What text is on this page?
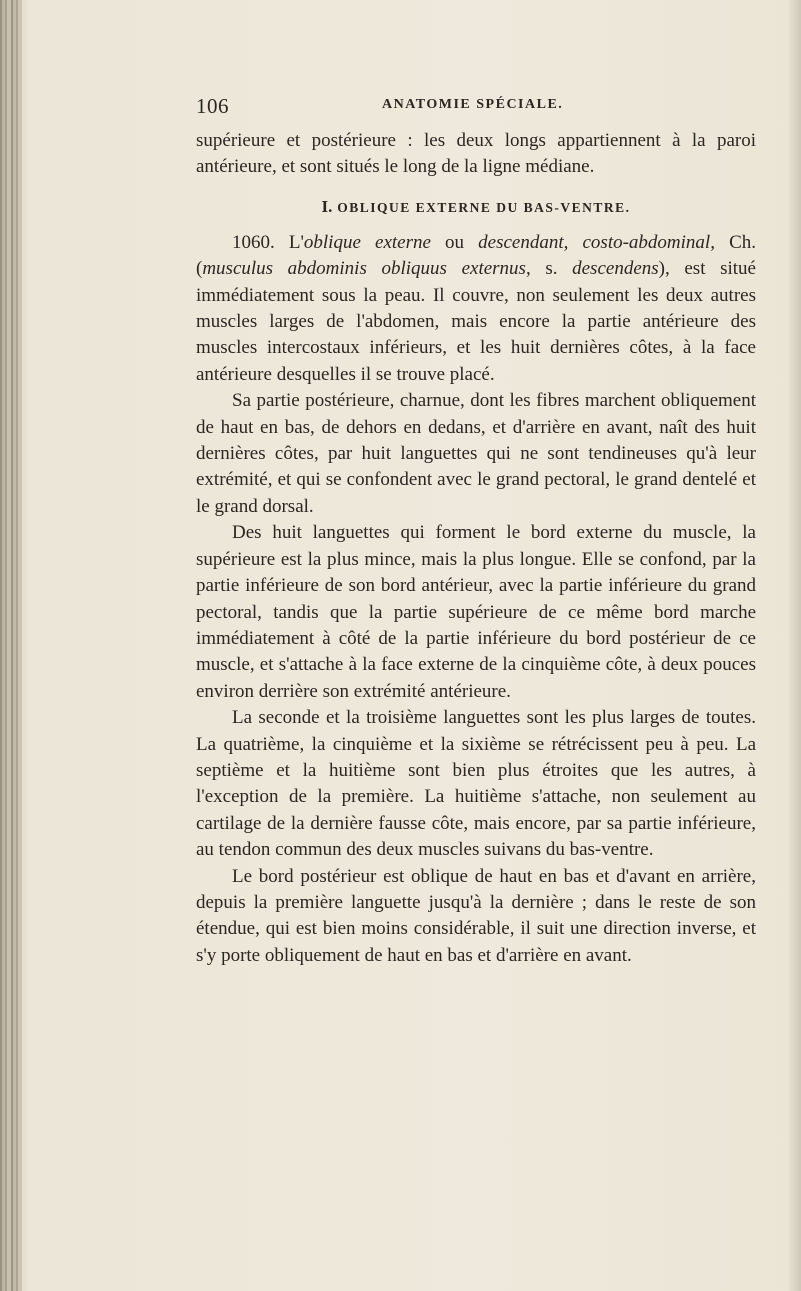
106	ANATOMIE SPÉCIALE.

supérieure et postérieure : les deux longs appartiennent à la paroi antérieure, et sont situés le long de la ligne médiane.

I. OBLIQUE EXTERNE DU BAS-VENTRE.

1060. L'oblique externe ou descendant, costo-abdominal, Ch. (musculus abdominis obliquus externus, s. descendens), est situé immédiatement sous la peau. Il couvre, non seulement les deux autres muscles larges de l'abdomen, mais encore la partie antérieure des muscles intercostaux inférieurs, et les huit dernières côtes, à la face antérieure desquelles il se trouve placé.

Sa partie postérieure, charnue, dont les fibres marchent obliquement de haut en bas, de dehors en dedans, et d'arrière en avant, naît des huit dernières côtes, par huit languettes qui ne sont tendineuses qu'à leur extrémité, et qui se confondent avec le grand pectoral, le grand dentelé et le grand dorsal.

Des huit languettes qui forment le bord externe du muscle, la supérieure est la plus mince, mais la plus longue. Elle se confond, par la partie inférieure de son bord antérieur, avec la partie inférieure du grand pectoral, tandis que la partie supérieure de ce même bord marche immédiatement à côté de la partie inférieure du bord postérieur de ce muscle, et s'attache à la face externe de la cinquième côte, à deux pouces environ derrière son extrémité antérieure.

La seconde et la troisième languettes sont les plus larges de toutes. La quatrième, la cinquième et la sixième se rétrécissent peu à peu. La septième et la huitième sont bien plus étroites que les autres, à l'exception de la première. La huitième s'attache, non seulement au cartilage de la dernière fausse côte, mais encore, par sa partie inférieure, au tendon commun des deux muscles suivans du bas-ventre.

Le bord postérieur est oblique de haut en bas et d'avant en arrière, depuis la première languette jusqu'à la dernière ; dans le reste de son étendue, qui est bien moins considérable, il suit une direction inverse, et s'y porte obliquement de haut en bas et d'arrière en avant.
